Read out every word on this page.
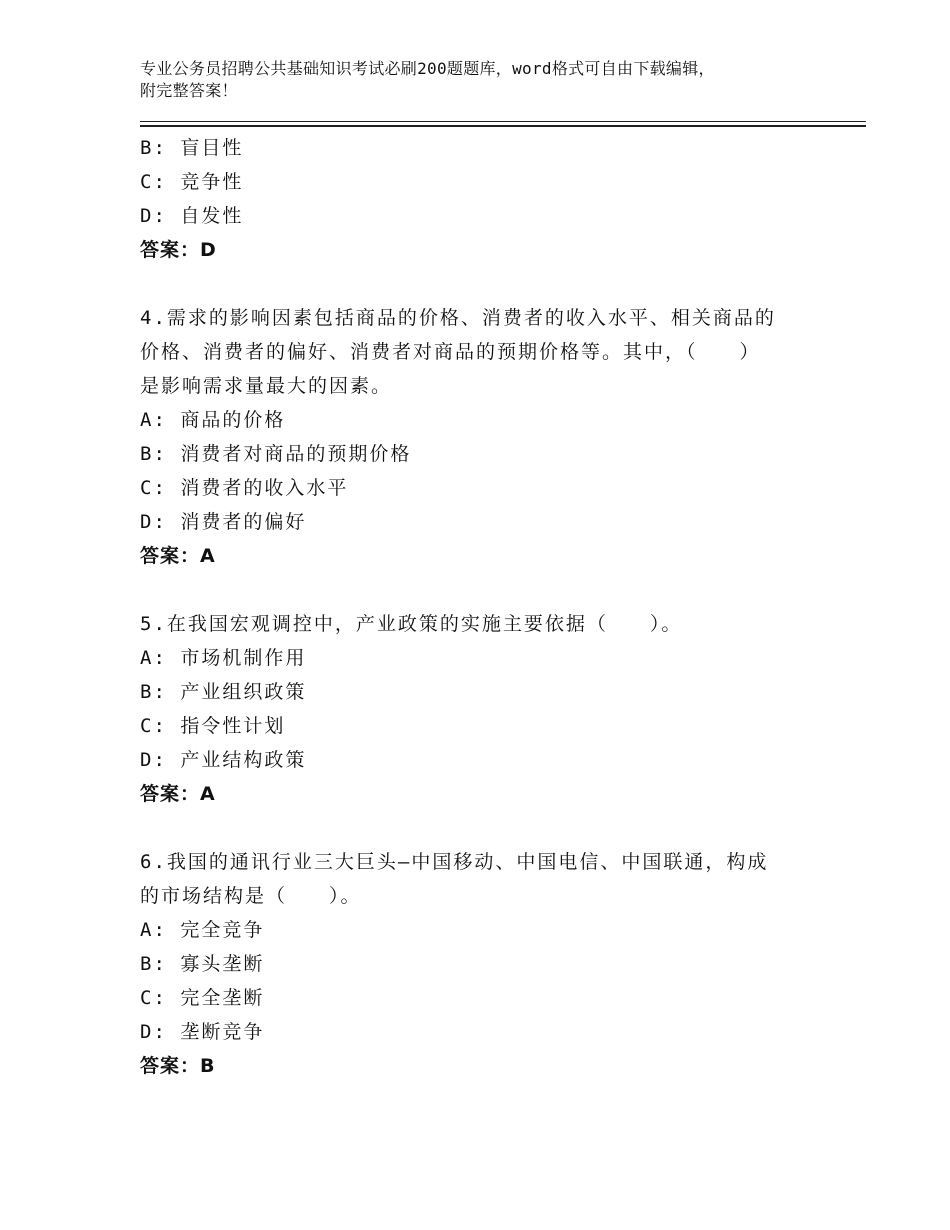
专业公务员招聘公共基础知识考试必刷200题题库，word格式可自由下载编辑，
附完整答案！
B: 盲目性
C: 竞争性
D: 自发性
答案：D
4.需求的影响因素包括商品的价格、消费者的收入水平、相关商品的
价格、消费者的偏好、消费者对商品的预期价格等。其中，（　　）
是影响需求量最大的因素。
A: 商品的价格
B: 消费者对商品的预期价格
C: 消费者的收入水平
D: 消费者的偏好
答案：A
5.在我国宏观调控中，产业政策的实施主要依据（　　）。
A: 市场机制作用
B: 产业组织政策
C: 指令性计划
D: 产业结构政策
答案：A
6.我国的通讯行业三大巨头—中国移动、中国电信、中国联通，构成
的市场结构是（　　）。
A: 完全竞争
B: 寡头垄断
C: 完全垄断
D: 垄断竞争
答案：B
